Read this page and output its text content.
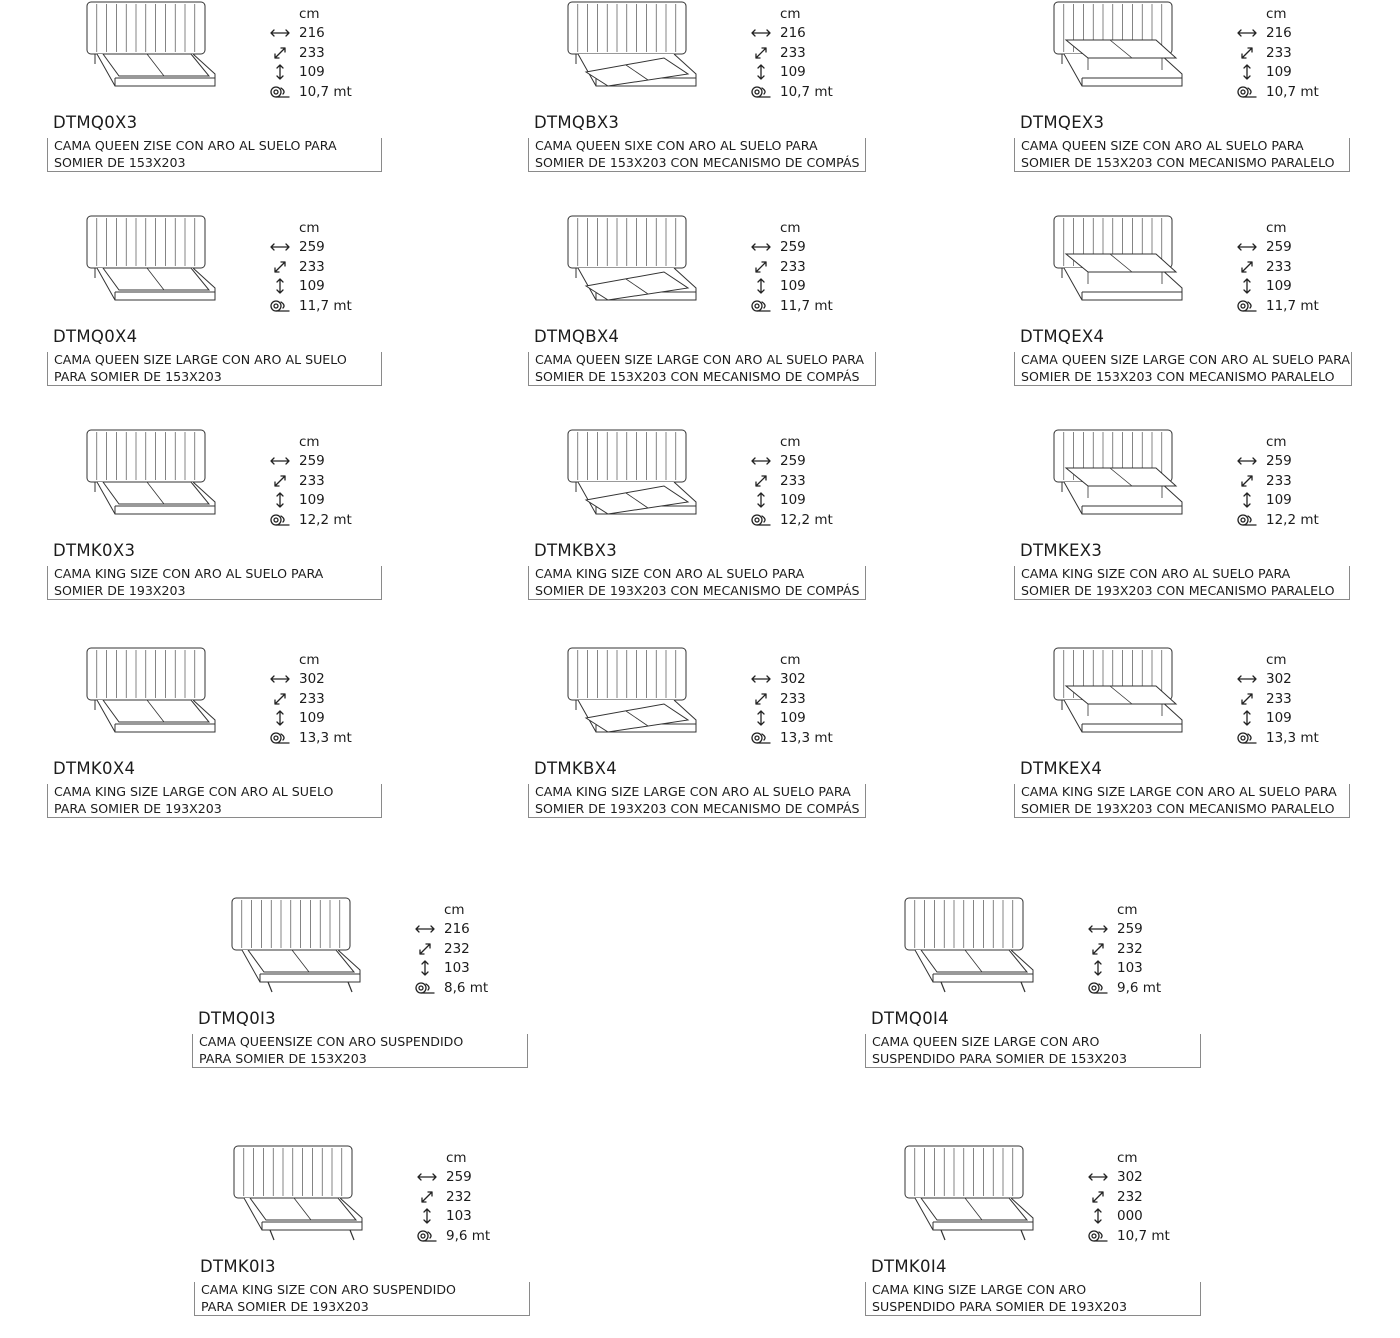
cm
216
233
109
10,7 mt
DTMQ0X3
CAMA QUEEN ZISE CON ARO AL SUELO PARA
SOMIER DE 153X203
cm
216
233
109
10,7 mt
DTMQBX3
CAMA QUEEN SIXE CON ARO AL SUELO PARA
SOMIER DE 153X203 CON MECANISMO DE COMPÁS
cm
216
233
109
10,7 mt
DTMQEX3
CAMA QUEEN SIZE CON ARO AL SUELO PARA
SOMIER DE 153X203 CON MECANISMO PARALELO
cm
259
233
109
11,7 mt
DTMQ0X4
CAMA QUEEN SIZE LARGE CON ARO AL SUELO
PARA SOMIER DE 153X203
cm
259
233
109
11,7 mt
DTMQBX4
CAMA QUEEN SIZE LARGE CON ARO AL SUELO PARA
SOMIER DE 153X203 CON MECANISMO DE COMPÁS
cm
259
233
109
11,7 mt
DTMQEX4
CAMA QUEEN SIZE LARGE CON ARO AL SUELO PARA
SOMIER DE 153X203 CON MECANISMO PARALELO
cm
259
233
109
12,2 mt
DTMK0X3
CAMA KING SIZE CON ARO AL SUELO PARA
SOMIER DE 193X203
cm
259
233
109
12,2 mt
DTMKBX3
CAMA KING SIZE CON ARO AL SUELO PARA
SOMIER DE 193X203 CON MECANISMO DE COMPÁS
cm
259
233
109
12,2 mt
DTMKEX3
CAMA KING SIZE CON ARO AL SUELO PARA
SOMIER DE 193X203 CON MECANISMO PARALELO
cm
302
233
109
13,3 mt
DTMK0X4
CAMA KING SIZE LARGE CON ARO AL SUELO
PARA SOMIER DE 193X203
cm
302
233
109
13,3 mt
DTMKBX4
CAMA KING SIZE LARGE CON ARO AL SUELO PARA
SOMIER DE 193X203 CON MECANISMO DE COMPÁS
cm
302
233
109
13,3 mt
DTMKEX4
CAMA KING SIZE LARGE CON ARO AL SUELO PARA
SOMIER DE 193X203 CON MECANISMO PARALELO
cm
216
232
103
8,6 mt
DTMQ0I3
CAMA QUEENSIZE CON ARO SUSPENDIDO
PARA SOMIER DE 153X203
cm
259
232
103
9,6 mt
DTMQ0I4
CAMA QUEEN SIZE LARGE CON ARO
SUSPENDIDO PARA SOMIER DE 153X203
cm
259
232
103
9,6 mt
DTMK0I3
CAMA KING SIZE CON ARO SUSPENDIDO
PARA SOMIER DE 193X203
cm
302
232
000
10,7 mt
DTMK0I4
CAMA KING SIZE LARGE CON ARO
SUSPENDIDO PARA SOMIER DE 193X203
